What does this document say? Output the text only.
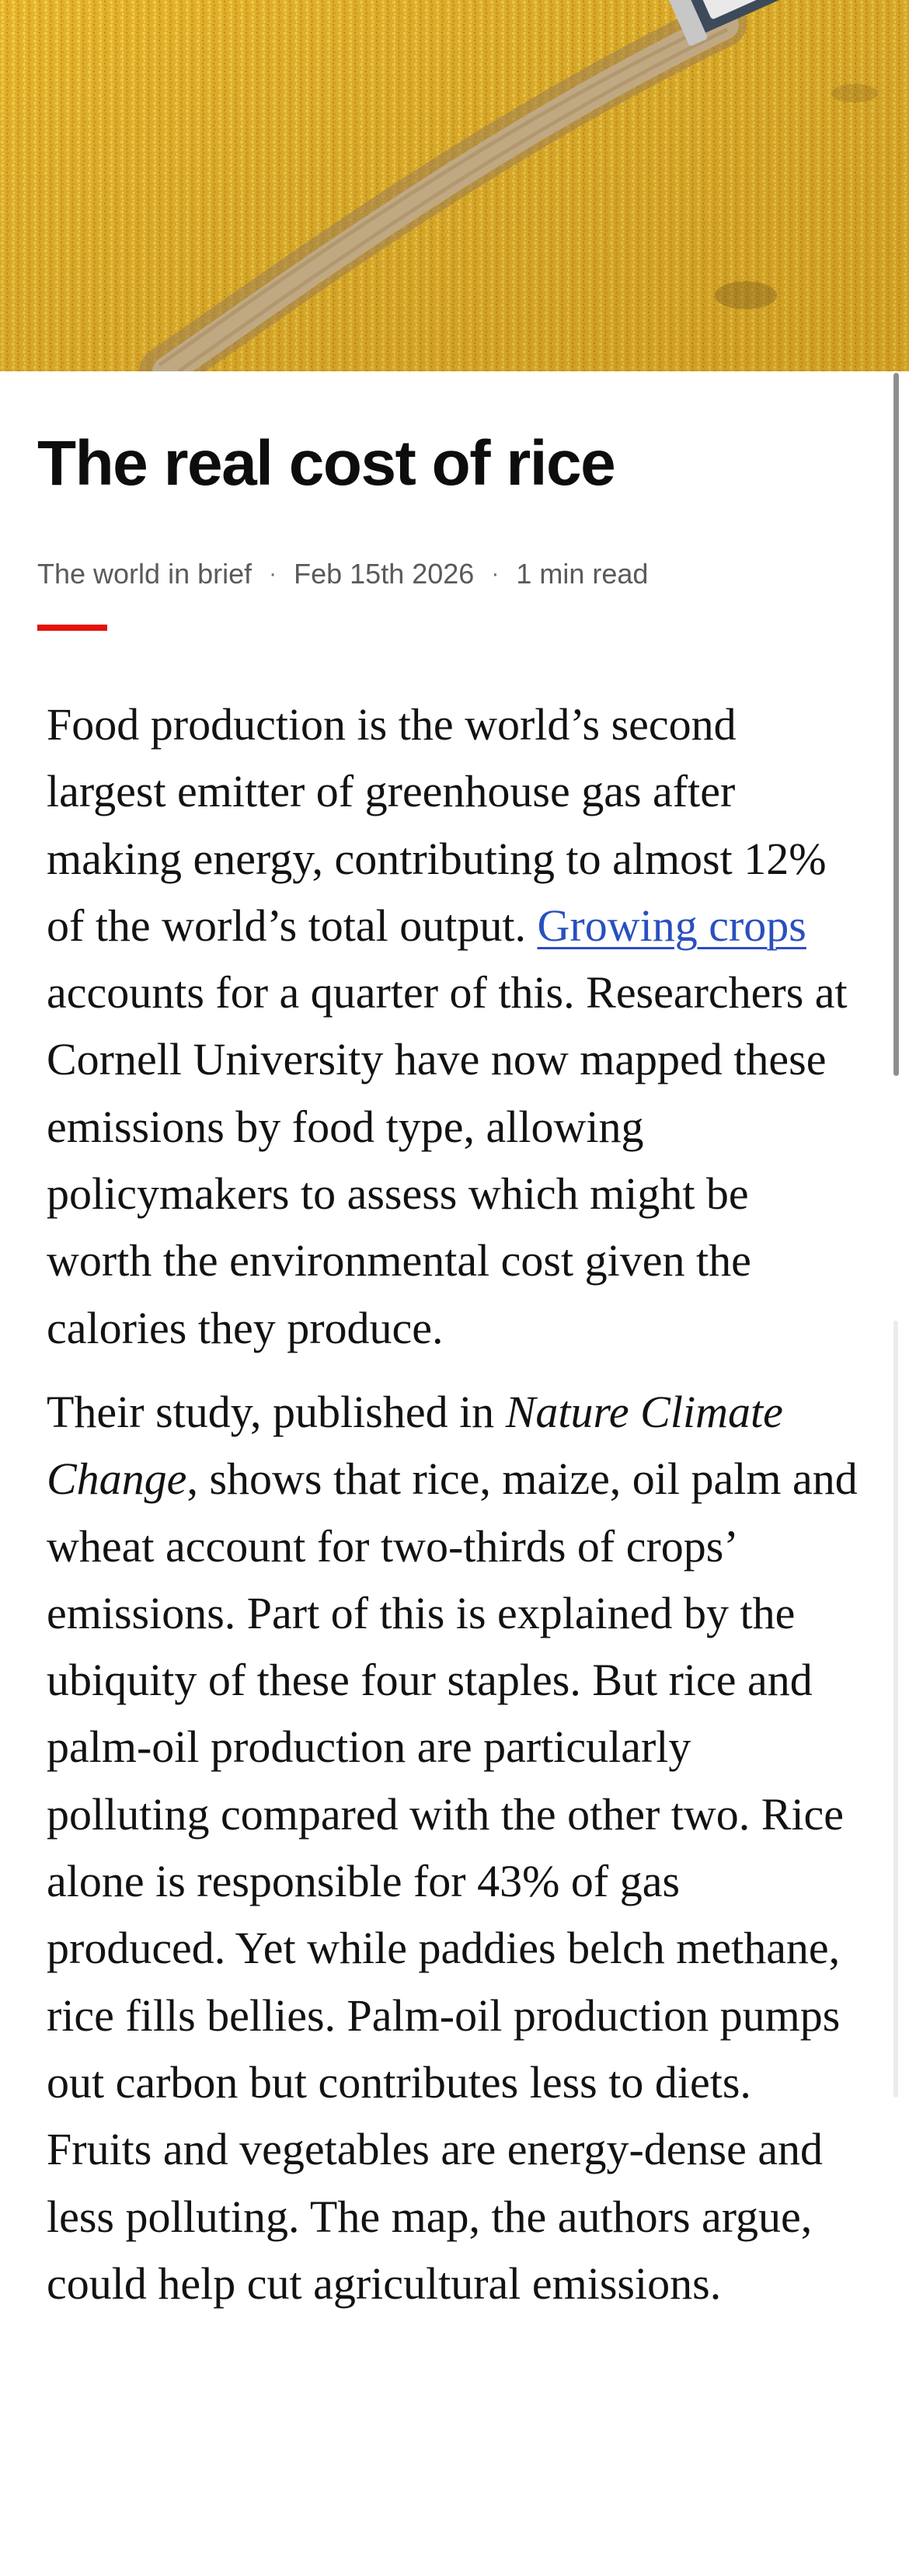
The real cost of rice
The world in brief · Feb 15th 2026 · 1 min read

Food production is the world’s second largest emitter of greenhouse gas after making energy, contributing to almost 12% of the world’s total output. Growing crops accounts for a quarter of this. Researchers at Cornell University have now mapped these emissions by food type, allowing policymakers to assess which might be worth the environmental cost given the calories they produce.

Their study, published in Nature Climate Change, shows that rice, maize, oil palm and wheat account for two-thirds of crops’ emissions. Part of this is explained by the ubiquity of these four staples. But rice and palm-oil production are particularly polluting compared with the other two. Rice alone is responsible for 43% of gas produced. Yet while paddies belch methane, rice fills bellies. Palm-oil production pumps out carbon but contributes less to diets. Fruits and vegetables are energy-dense and less polluting. The map, the authors argue, could help cut agricultural emissions.
